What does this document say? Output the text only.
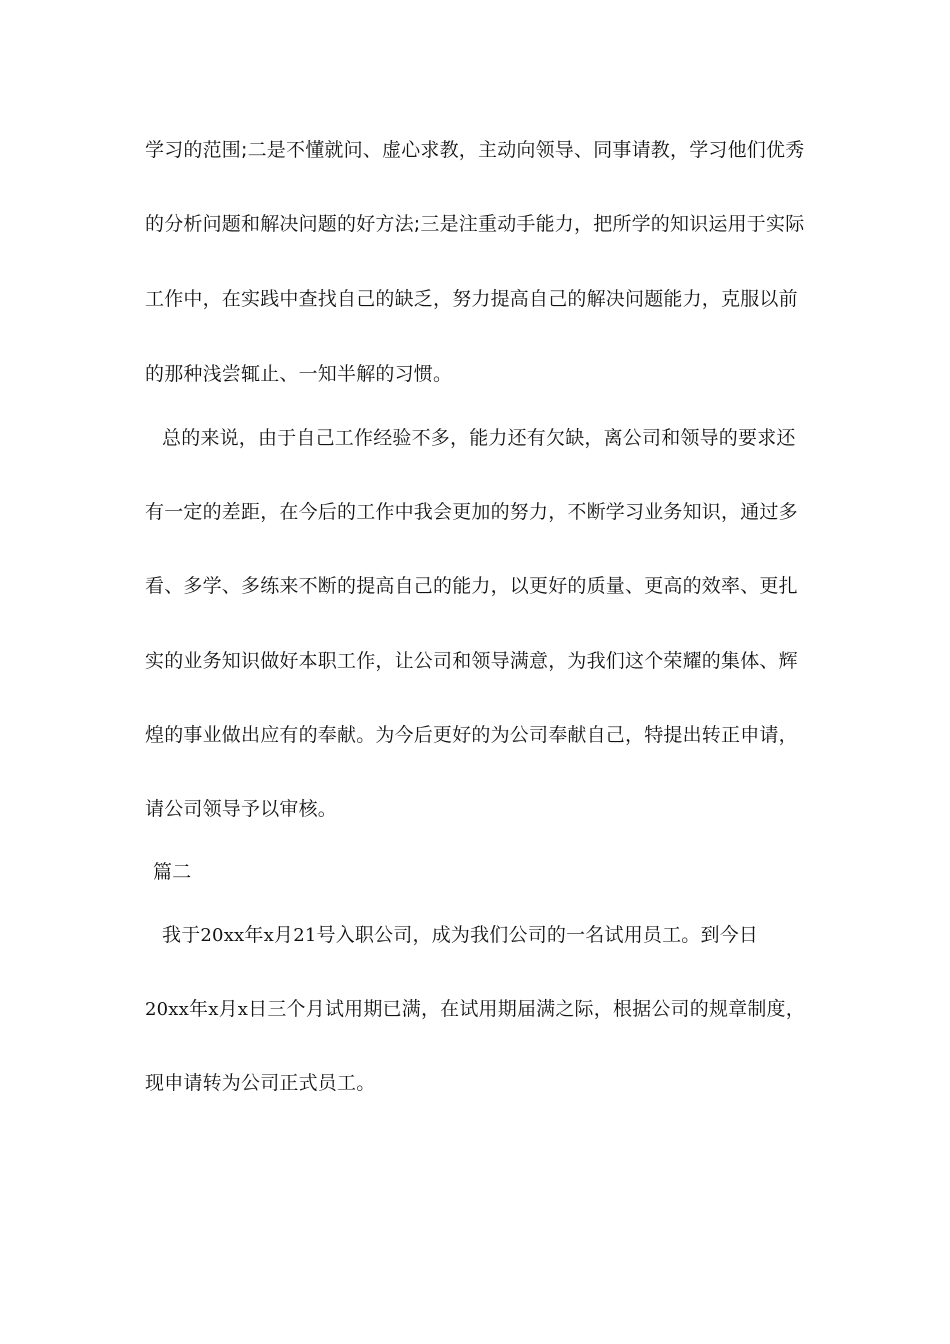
学习的范围;二是不懂就问、虚心求教，主动向领导、同事请教，学习他们优秀
的分析问题和解决问题的好方法;三是注重动手能力，把所学的知识运用于实际
工作中，在实践中查找自己的缺乏，努力提高自己的解决问题能力，克服以前
的那种浅尝辄止、一知半解的习惯。
总的来说，由于自己工作经验不多，能力还有欠缺，离公司和领导的要求还
有一定的差距，在今后的工作中我会更加的努力，不断学习业务知识，通过多
看、多学、多练来不断的提高自己的能力，以更好的质量、更高的效率、更扎
实的业务知识做好本职工作，让公司和领导满意，为我们这个荣耀的集体、辉
煌的事业做出应有的奉献。为今后更好的为公司奉献自己，特提出转正申请，
请公司领导予以审核。
篇二
我于20xx年x月21号入职公司，成为我们公司的一名试用员工。到今日
20xx年x月x日三个月试用期已满，在试用期届满之际，根据公司的规章制度，
现申请转为公司正式员工。
